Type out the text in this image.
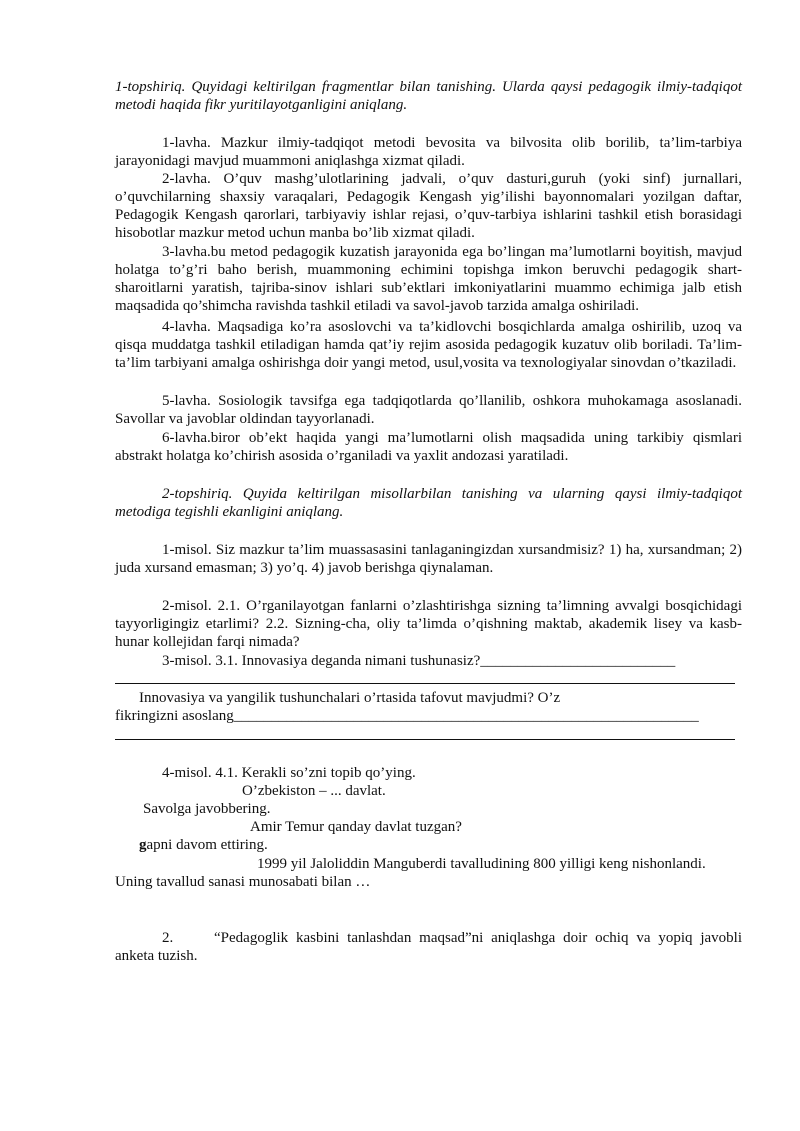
1-topshiriq. Quyidagi keltirilgan fragmentlar bilan tanishing. Ularda qaysi pedagogik ilmiy-tadqiqot metodi haqida fikr yuritilayotganligini aniqlang.
1-lavha. Mazkur ilmiy-tadqiqot metodi bevosita va bilvosita olib borilib, ta’lim-tarbiya jarayonidagi mavjud muammoni aniqlashga xizmat qiladi.
2-lavha. O’quv mashg’ulotlarining jadvali, o’quv dasturi,guruh (yoki sinf) jurnallari, o’quvchilarning shaxsiy varaqalari, Pedagogik Kengash yig’ilishi bayonnomalari yozilgan daftar, Pedagogik Kengash qarorlari, tarbiyaviy ishlar rejasi, o’quv-tarbiya ishlarini tashkil etish borasidagi hisobotlar mazkur metod uchun manba bo’lib xizmat qiladi.
3-lavha.bu metod pedagogik kuzatish jarayonida ega bo’lingan ma’lumotlarni boyitish, mavjud holatga to’g’ri baho berish, muammoning echimini topishga imkon beruvchi pedagogik shart-sharoitlarni yaratish, tajriba-sinov ishlari sub’ektlari imkoniyatlarini muammo echimiga jalb etish maqsadida qo’shimcha ravishda tashkil etiladi va savol-javob tarzida amalga oshiriladi.
4-lavha. Maqsadiga ko’ra asoslovchi va ta’kidlovchi bosqichlarda amalga oshirilib, uzoq va qisqa muddatga tashkil etiladigan hamda qat’iy rejim asosida pedagogik kuzatuv olib boriladi. Ta’lim-ta’lim tarbiyani amalga oshirishga doir yangi metod, usul,vosita va texnologiyalar sinovdan o’tkaziladi.
5-lavha. Sosiologik tavsifga ega tadqiqotlarda qo’llanilib, oshkora muhokamaga asoslanadi. Savollar va javoblar oldindan tayyorlanadi.
6-lavha.biror ob’ekt haqida yangi ma’lumotlarni olish maqsadida uning tarkibiy qismlari abstrakt holatga ko’chirish asosida o’rganiladi va yaxlit andozasi yaratiladi.
2-topshiriq. Quyida keltirilgan misollarbilan tanishing va ularning qaysi ilmiy-tadqiqot metodiga tegishli ekanligini aniqlang.
1-misol. Siz mazkur ta’lim muassasasini tanlaganingizdan xursandmisiz? 1) ha, xursandman; 2) juda xursand emasman; 3) yo’q. 4) javob berishga qiynalaman.
2-misol. 2.1. O’rganilayotgan fanlarni o’zlashtirishga sizning ta’limning avvalgi bosqichidagi tayyorligingiz etarlimi? 2.2. Sizning-cha, oliy ta’limda o’qishning maktab, akademik lisey va kasb-hunar kollejidan farqi nimada?
3-misol. 3.1. Innovasiya deganda nimani tushunasiz?__________________________
Innovasiya va yangilik tushunchalari o’rtasida tafovut mavjudmi? O’z
fikringizni asoslang______________________________________________________________
4-misol. 4.1. Kerakli so’zni topib qo’ying.
O’zbekiston – ... davlat.
Savolga javobbering.
Amir Temur qanday davlat tuzgan?
gapni davom ettiring.
1999 yil Jaloliddin Manguberdi tavalludining 800 yilligi keng nishonlandi.
Uning tavallud sanasi munosabati bilan …
2.	“Pedagoglik kasbini tanlashdan maqsad”ni aniqlashga doir ochiq va yopiq javobli
anketa tuzish.
